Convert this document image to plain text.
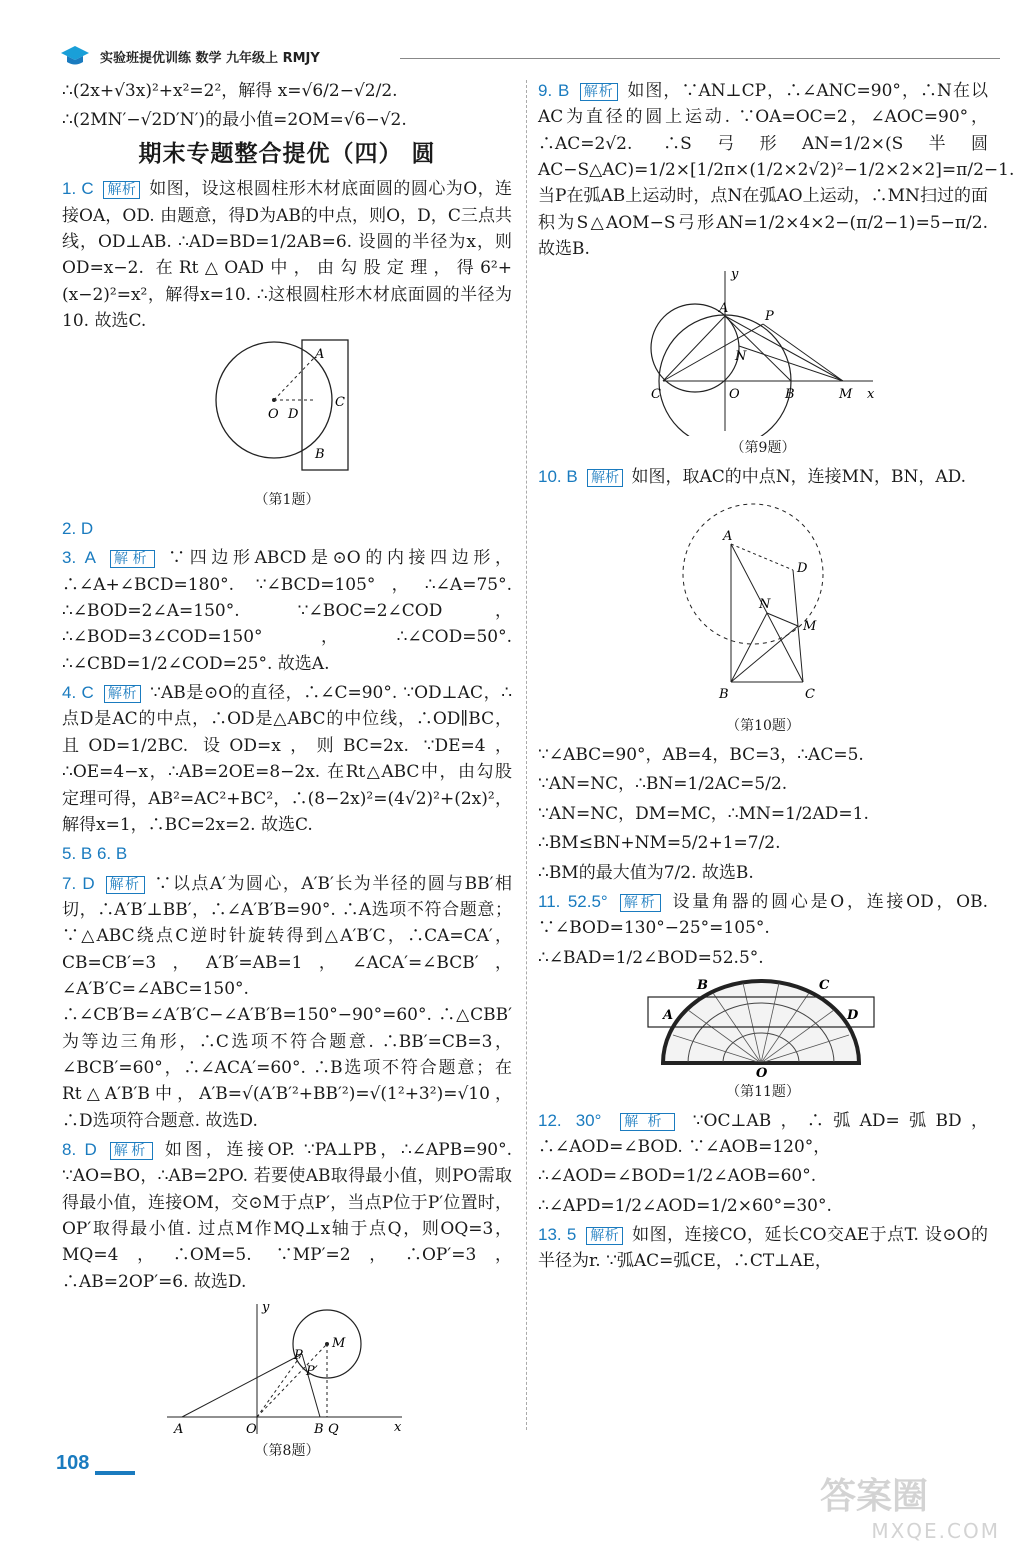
实验班提优训练 数学 九年级上 RMJY

∴(2x+√3x)²+x²=2²，解得 x=√6/2−√2/2.

∴(2MN′−√2D′N′)的最小值=2OM=√6−√2.

期末专题整合提优（四） 圆

1. C 解析 如图，设这根圆柱形木材底面圆的圆心为O，连接OA，OD. 由题意，得D为AB的中点，则O，D，C三点共线，OD⊥AB. ∴AD=BD=1/2AB=6. 设圆的半径为x，则OD=x−2. 在Rt△OAD中，由勾股定理，得6²+(x−2)²=x²，解得x=10. ∴这根圆柱形木材底面圆的半径为10. 故选C.

A
O D
C
B
（第1题）

2. D

3. A 解析 ∵四边形ABCD是⊙O的内接四边形，∴∠A+∠BCD=180°. ∵∠BCD=105°，∴∠A=75°. ∴∠BOD=2∠A=150°. ∵∠BOC=2∠COD，∴∠BOD=3∠COD=150°，∴∠COD=50°. ∴∠CBD=1/2∠COD=25°. 故选A.

4. C 解析 ∵AB是⊙O的直径，∴∠C=90°. ∵OD⊥AC，∴点D是AC的中点，∴OD是△ABC的中位线，∴OD∥BC，且OD=1/2BC. 设OD=x，则BC=2x. ∵DE=4，∴OE=4−x，∴AB=2OE=8−2x. 在Rt△ABC中，由勾股定理可得，AB²=AC²+BC²，∴(8−2x)²=(4√2)²+(2x)²，解得x=1，∴BC=2x=2. 故选C.

5. B 6. B

7. D 解析 ∵以点A′为圆心，A′B′长为半径的圆与BB′相切，∴A′B′⊥BB′，∴∠A′B′B=90°. ∴A选项不符合题意；∵△ABC绕点C逆时针旋转得到△A′B′C，∴CA=CA′，CB=CB′=3，A′B′=AB=1，∠ACA′=∠BCB′，∠A′B′C=∠ABC=150°. ∴∠CB′B=∠A′B′C−∠A′B′B=150°−90°=60°. ∴△CBB′为等边三角形，∴C选项不符合题意. ∴BB′=CB=3，∠BCB′=60°，∴∠ACA′=60°. ∴B选项不符合题意；在Rt△A′B′B中，A′B=√(A′B′²+BB′²)=√(1²+3²)=√10，∴D选项符合题意. 故选D.

8. D 解析 如图，连接OP. ∵PA⊥PB，∴∠APB=90°. ∵AO=BO，∴AB=2PO. 若要使AB取得最小值，则PO需取得最小值，连接OM，交⊙M于点P′，当点P位于P′位置时，OP′取得最小值. 过点M作MQ⊥x轴于点Q，则OQ=3，MQ=4，∴OM=5. ∵MP′=2，∴OP′=3，∴AB=2OP′=6. 故选D.

y
M
P
P′
A	O	B Q	x
（第8题）

9. B 解析 如图，∵AN⊥CP，∴∠ANC=90°，∴N在以AC为直径的圆上运动. ∵OA=OC=2，∠AOC=90°，∴AC=2√2. ∴S弓形AN=1/2×(S半圆AC−S△AC)=1/2×[1/2π×(1/2×2√2)²−1/2×2×2]=π/2−1. 当P在弧AB上运动时，点N在弧AO上运动，∴MN扫过的面积为S△AOM−S弓形AN=1/2×4×2−(π/2−1)=5−π/2. 故选B.

y
A
P
N
C	O	B	M x
（第9题）

10. B 解析 如图，取AC的中点N，连接MN，BN，AD.

A
D
N
M
B	C
（第10题）

∵∠ABC=90°，AB=4，BC=3，∴AC=5.

∵AN=NC，∴BN=1/2AC=5/2.

∵AN=NC，DM=MC，∴MN=1/2AD=1.

∴BM≤BN+NM=5/2+1=7/2.

∴BM的最大值为7/2. 故选B.

11. 52.5° 解析 设量角器的圆心是O，连接OD，OB. ∵∠BOD=130°−25°=105°.

∴∠BAD=1/2∠BOD=52.5°.

B	C
A	D
O
（第11题）

12. 30° 解析 ∵OC⊥AB，∴弧AD=弧BD，∴∠AOD=∠BOD. ∵∠AOB=120°，

∴∠AOD=∠BOD=1/2∠AOB=60°.

∴∠APD=1/2∠AOD=1/2×60°=30°.

13. 5 解析 如图，连接CO，延长CO交AE于点T. 设⊙O的半径为r. ∵弧AC=弧CE，∴CT⊥AE，

108
答案圈
MXQE.COM
